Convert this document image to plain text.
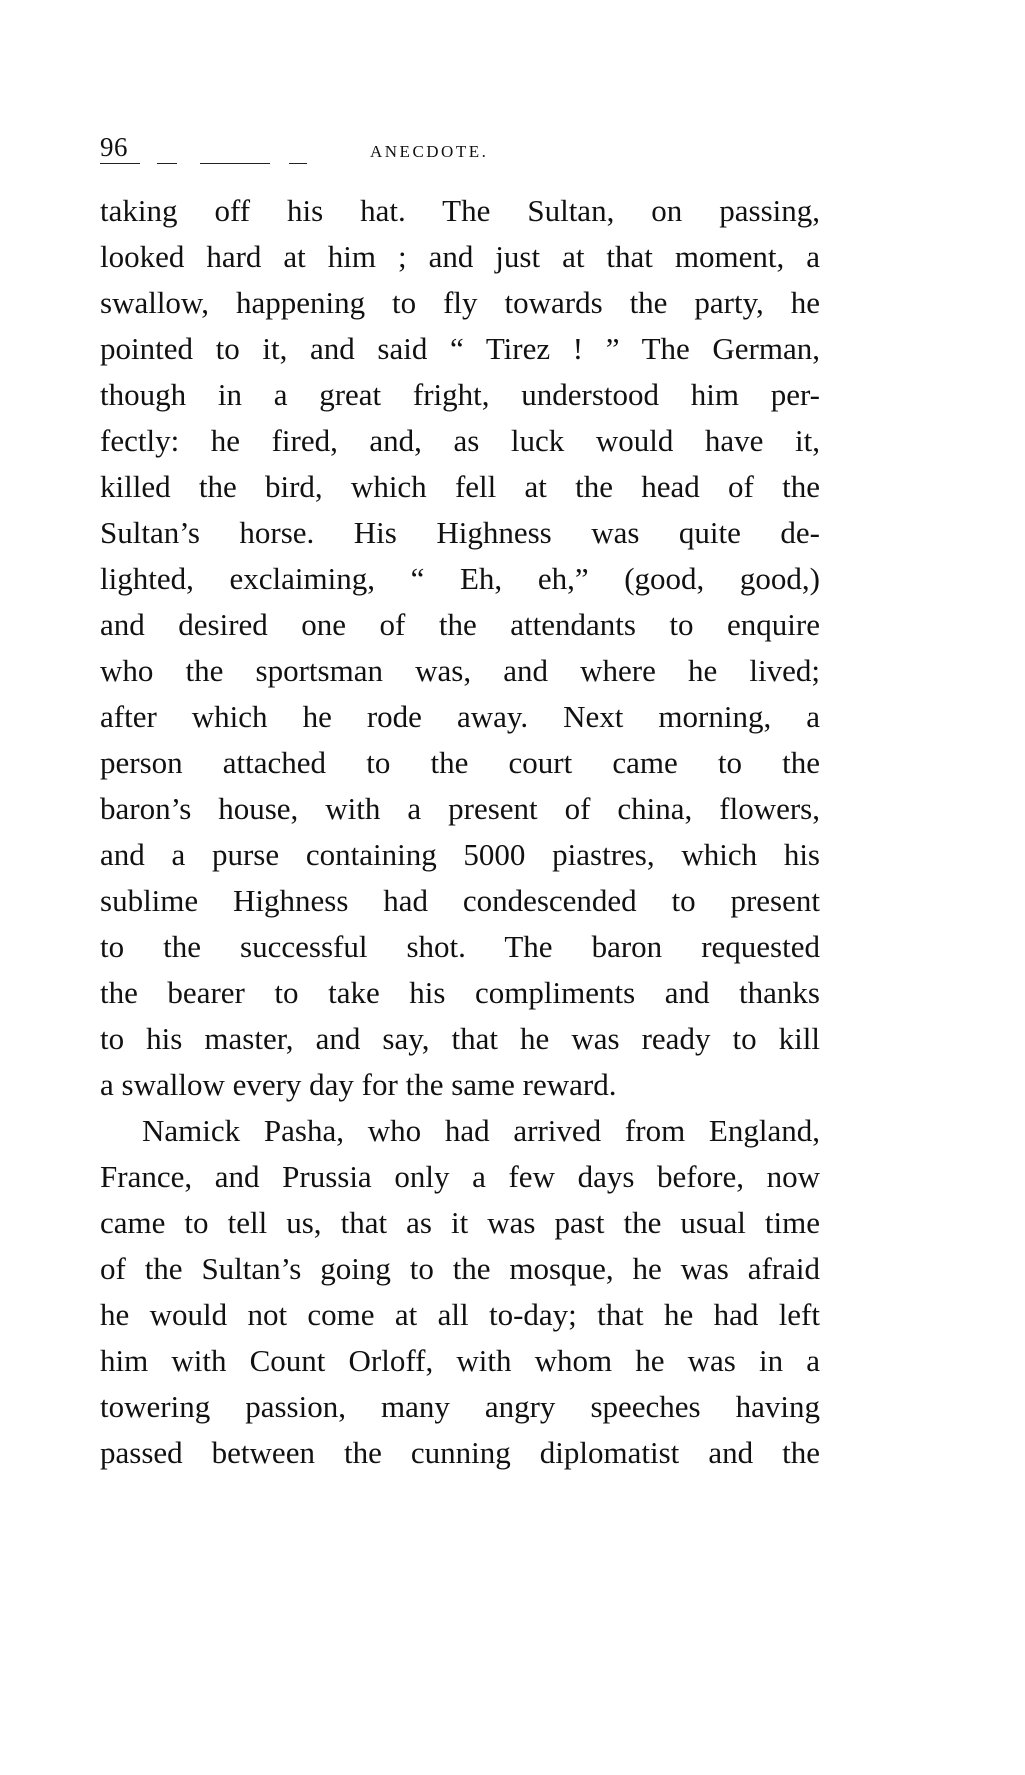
96	ANECDOTE.
taking off his hat. The Sultan, on passing,
looked hard at him ; and just at that moment, a
swallow, happening to fly towards the party, he
pointed to it, and said “ Tirez ! ” The German,
though in a great fright, understood him per-
fectly: he fired, and, as luck would have it,
killed the bird, which fell at the head of the
Sultan’s horse. His Highness was quite de-
lighted, exclaiming, “ Eh, eh,” (good, good,)
and desired one of the attendants to enquire
who the sportsman was, and where he lived;
after which he rode away. Next morning, a
person attached to the court came to the
baron’s house, with a present of china, flowers,
and a purse containing 5000 piastres, which his
sublime Highness had condescended to present
to the successful shot. The baron requested
the bearer to take his compliments and thanks
to his master, and say, that he was ready to kill
a swallow every day for the same reward.
Namick Pasha, who had arrived from England,
France, and Prussia only a few days before, now
came to tell us, that as it was past the usual time
of the Sultan’s going to the mosque, he was afraid
he would not come at all to-day; that he had left
him with Count Orloff, with whom he was in a
towering passion, many angry speeches having
passed between the cunning diplomatist and the
